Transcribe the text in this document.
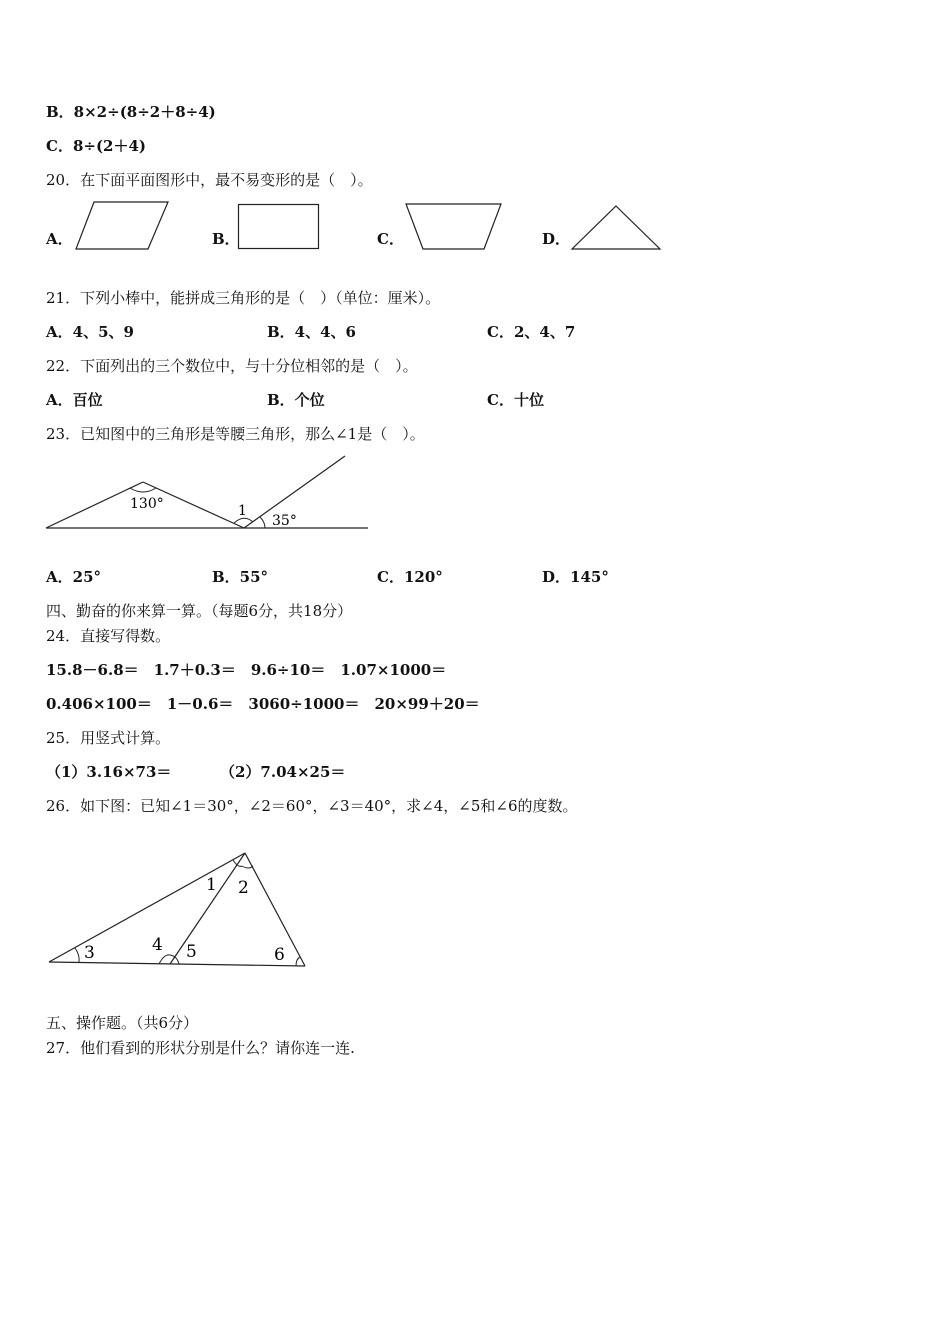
B．8×2÷(8÷2＋8÷4)
C．8÷(2＋4)
20．在下面平面图形中，最不易变形的是（　）。
A．	B．	C．	D．
21．下列小棒中，能拼成三角形的是（　）（单位：厘米）。
A．4、5、9	B．4、4、6	C．2、4、7
22．下面列出的三个数位中，与十分位相邻的是（　）。
A．百位	B．个位	C．十位
23．已知图中的三角形是等腰三角形，那么∠1是（　）。
130°	1
35°
A．25°	B．55°	C．120°	D．145°
四、勤奋的你来算一算。（每题6分，共18分）
24．直接写得数。
15.8－6.8＝　1.7＋0.3＝　9.6÷10＝　1.07×1000＝
0.406×100＝　1－0.6＝　3060÷1000＝　20×99＋20＝
25．用竖式计算。
（1）3.16×73＝	（2）7.04×25＝
26．如下图：已知∠1＝30°，∠2＝60°，∠3＝40°，求∠4，∠5和∠6的度数。
1 2
3	4 5	6
五、操作题。（共6分）
27．他们看到的形状分别是什么？请你连一连.
